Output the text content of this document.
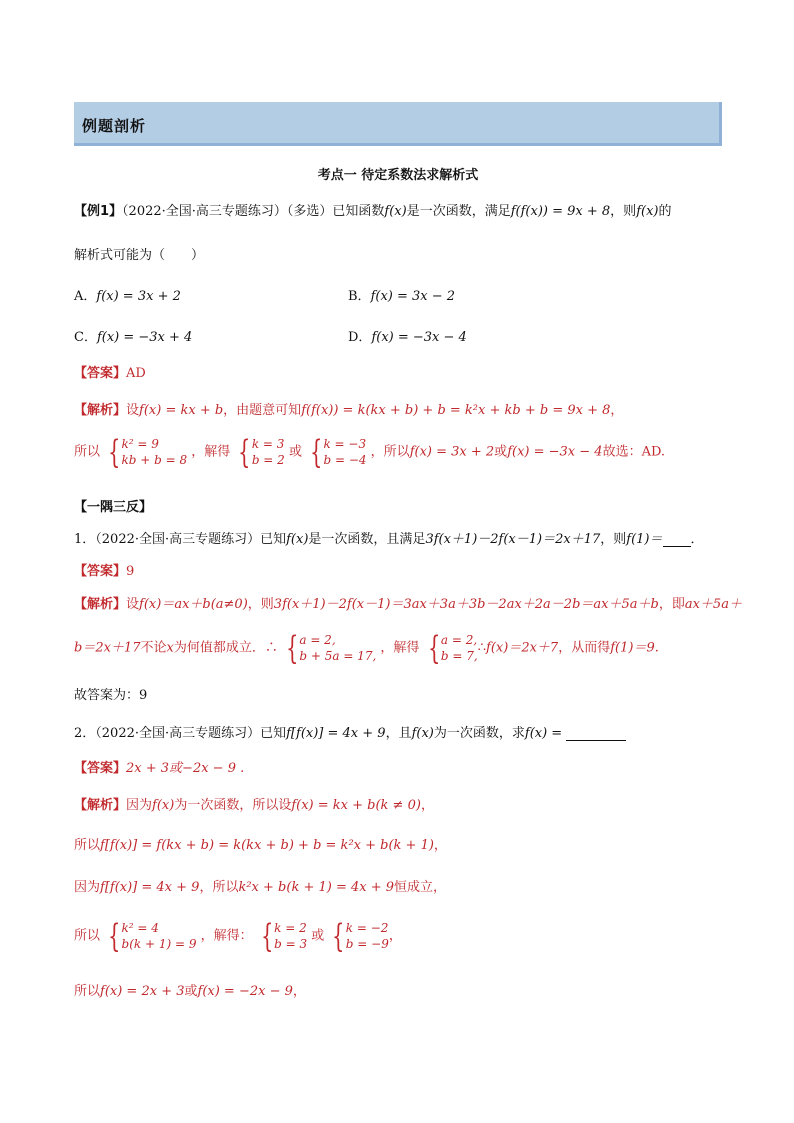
例题剖析
考点一 待定系数法求解析式
【例1】（2022·全国·高三专题练习）（多选）已知函数f(x)是一次函数，满足f(f(x)) = 9x + 8，则f(x)的
解析式可能为（　　）
A．f(x) = 3x + 2	B．f(x) = 3x − 2
C．f(x) = −3x + 4	D．f(x) = −3x − 4
【答案】AD
【解析】设f(x) = kx + b，由题意可知f(f(x)) = k(kx + b) + b = k²x + kb + b = 9x + 8，
所以 { k² = 9
kb + b = 8
，解得 { k = 3
b = 2
或 { k = −3
b = −4
，所以f(x) = 3x + 2或f(x) = −3x − 4故选：AD.
【一隅三反】
1．（2022·全国·高三专题练习）已知f(x)是一次函数，且满足3f(x＋1)－2f(x－1)＝2x＋17，则f(1)＝ ．
【答案】9
【解析】设f(x)＝ax＋b(a≠0)，则3f(x＋1)－2f(x－1)＝3ax＋3a＋3b－2ax＋2a－2b＝ax＋5a＋b，即ax＋5a＋
b＝2x＋17不论x为何值都成立．∴ { a = 2,
b + 5a = 17,
，解得 { a = 2,
b = 7,
∴f(x)＝2x＋7，从而得f(1)＝9.
故答案为：9
2．（2022·全国·高三专题练习）已知f[f(x)] = 4x + 9，且f(x)为一次函数，求f(x) =
【答案】2x + 3或−2x − 9 .
【解析】因为f(x)为一次函数，所以设f(x) = kx + b(k ≠ 0)，
所以f[f(x)] = f(kx + b) = k(kx + b) + b = k²x + b(k + 1)，
因为f[f(x)] = 4x + 9，所以k²x + b(k + 1) = 4x + 9恒成立，
所以 { k² = 4
b(k + 1) = 9
，解得： { k = 2
b = 3
或 { k = −2
b = −9
，
所以f(x) = 2x + 3或f(x) = −2x − 9，
